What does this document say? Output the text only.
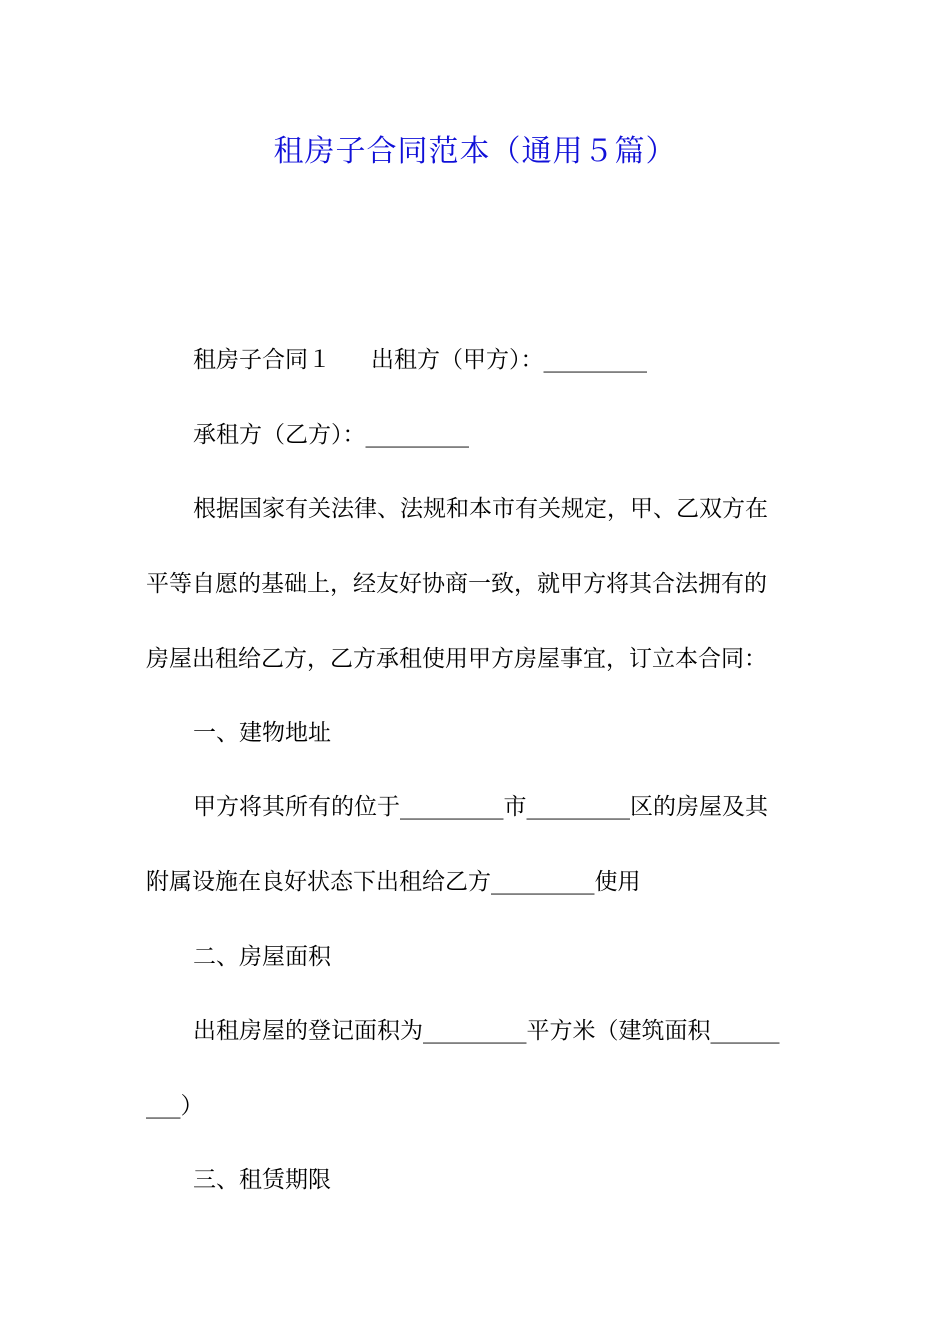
租房子合同范本（通用５篇）
租房子合同１ 出租方（甲方）：_________
承租方（乙方）：_________
根据国家有关法律、法规和本市有关规定，甲、乙双方在
平等自愿的基础上，经友好协商一致，就甲方将其合法拥有的
房屋出租给乙方，乙方承租使用甲方房屋事宜，订立本合同：
一、建物地址
甲方将其所有的位于_________市_________区的房屋及其
附属设施在良好状态下出租给乙方_________使用
二、房屋面积
出租房屋的登记面积为_________平方米（建筑面积______
___）
三、租赁期限
